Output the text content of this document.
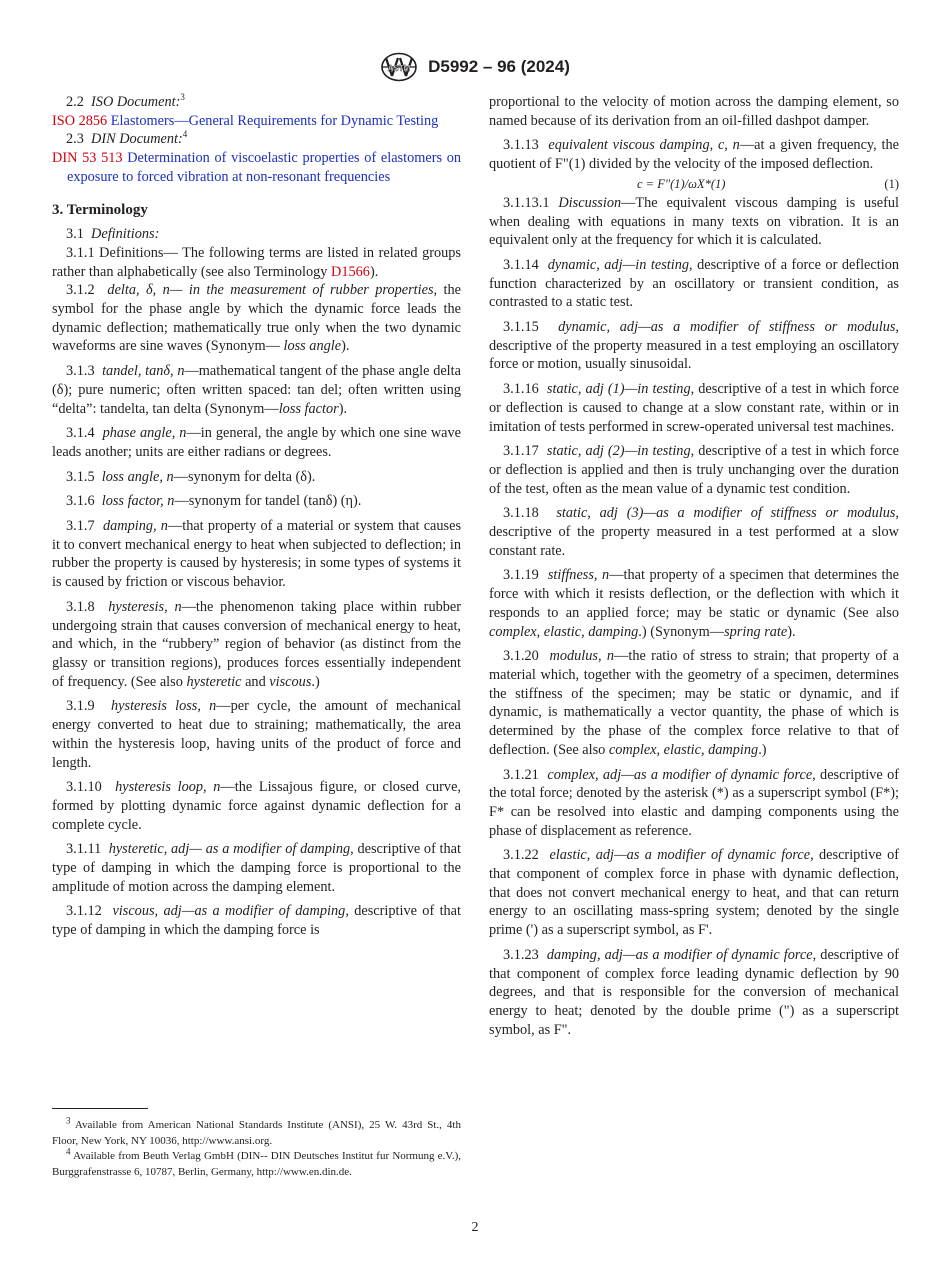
ASTM D5992 – 96 (2024)

2.2 ISO Document:$^3$

ISO 2856 Elastomers—General Requirements for Dynamic Testing

2.3 DIN Document:$^4$

DIN 53 513 Determination of viscoelastic properties of elastomers on exposure to forced vibration at non-resonant frequencies

3. Terminology

3.1 Definitions:

3.1.1 Definitions— The following terms are listed in related groups rather than alphabetically (see also Terminology D1566).

3.1.2 delta, δ, n— in the measurement of rubber properties, the symbol for the phase angle by which the dynamic force leads the dynamic deflection; mathematically true only when the two dynamic waveforms are sine waves (Synonym— loss angle).

3.1.3 tandel, tanδ, n—mathematical tangent of the phase angle delta (δ); pure numeric; often written spaced: tan del; often written using “delta”: tandelta, tan delta (Synonym—loss factor).

3.1.4 phase angle, n—in general, the angle by which one sine wave leads another; units are either radians or degrees.

3.1.5 loss angle, n—synonym for delta (δ).

3.1.6 loss factor, n—synonym for tandel (tanδ) (η).

3.1.7 damping, n—that property of a material or system that causes it to convert mechanical energy to heat when subjected to deflection; in rubber the property is caused by hysteresis; in some types of systems it is caused by friction or viscous behavior.

3.1.8 hysteresis, n—the phenomenon taking place within rubber undergoing strain that causes conversion of mechanical energy to heat, and which, in the “rubbery” region of behavior (as distinct from the glassy or transition regions), produces forces essentially independent of frequency. (See also hysteretic and viscous.)

3.1.9 hysteresis loss, n—per cycle, the amount of mechanical energy converted to heat due to straining; mathematically, the area within the hysteresis loop, having units of the product of force and length.

3.1.10 hysteresis loop, n—the Lissajous figure, or closed curve, formed by plotting dynamic force against dynamic deflection for a complete cycle.

3.1.11 hysteretic, adj— as a modifier of damping, descriptive of that type of damping in which the damping force is proportional to the amplitude of motion across the damping element.

3.1.12 viscous, adj—as a modifier of damping, descriptive of that type of damping in which the damping force is

proportional to the velocity of motion across the damping element, so named because of its derivation from an oil-filled dashpot damper.

3.1.13 equivalent viscous damping, c, n—at a given frequency, the quotient of F"(1) divided by the velocity of the imposed deflection.

c = F"(1)/ωX*(1)	(1)

3.1.13.1 Discussion—The equivalent viscous damping is useful when dealing with equations in many texts on vibration. It is an equivalent only at the frequency for which it is calculated.

3.1.14 dynamic, adj—in testing, descriptive of a force or deflection function characterized by an oscillatory or transient condition, as contrasted to a static test.

3.1.15 dynamic, adj—as a modifier of stiffness or modulus, descriptive of the property measured in a test employing an oscillatory force or motion, usually sinusoidal.

3.1.16 static, adj (1)—in testing, descriptive of a test in which force or deflection is caused to change at a slow constant rate, within or in imitation of tests performed in screw-operated universal test machines.

3.1.17 static, adj (2)—in testing, descriptive of a test in which force or deflection is applied and then is truly unchanging over the duration of the test, often as the mean value of a dynamic test condition.

3.1.18 static, adj (3)—as a modifier of stiffness or modulus, descriptive of the property measured in a test performed at a slow constant rate.

3.1.19 stiffness, n—that property of a specimen that determines the force with which it resists deflection, or the deflection with which it responds to an applied force; may be static or dynamic (See also complex, elastic, damping.) (Synonym—spring rate).

3.1.20 modulus, n—the ratio of stress to strain; that property of a material which, together with the geometry of a specimen, determines the stiffness of the specimen; may be static or dynamic, and if dynamic, is mathematically a vector quantity, the phase of which is determined by the phase of the complex force relative to that of deflection. (See also complex, elastic, damping.)

3.1.21 complex, adj—as a modifier of dynamic force, descriptive of the total force; denoted by the asterisk (*) as a superscript symbol (F*); F* can be resolved into elastic and damping components using the phase of displacement as reference.

3.1.22 elastic, adj—as a modifier of dynamic force, descriptive of that component of complex force in phase with dynamic deflection, that does not convert mechanical energy to heat, and that can return energy to an oscillating mass-spring system; denoted by the single prime (') as a superscript symbol, as F'.

3.1.23 damping, adj—as a modifier of dynamic force, descriptive of that component of complex force leading dynamic deflection by 90 degrees, and that is responsible for the conversion of mechanical energy to heat; denoted by the double prime (") as a superscript symbol, as F".

$^3$ Available from American National Standards Institute (ANSI), 25 W. 43rd St., 4th Floor, New York, NY 10036, http://www.ansi.org.

$^4$ Available from Beuth Verlag GmbH (DIN-- DIN Deutsches Institut fur Normung e.V.), Burggrafenstrasse 6, 10787, Berlin, Germany, http://www.en.din.de.

2
